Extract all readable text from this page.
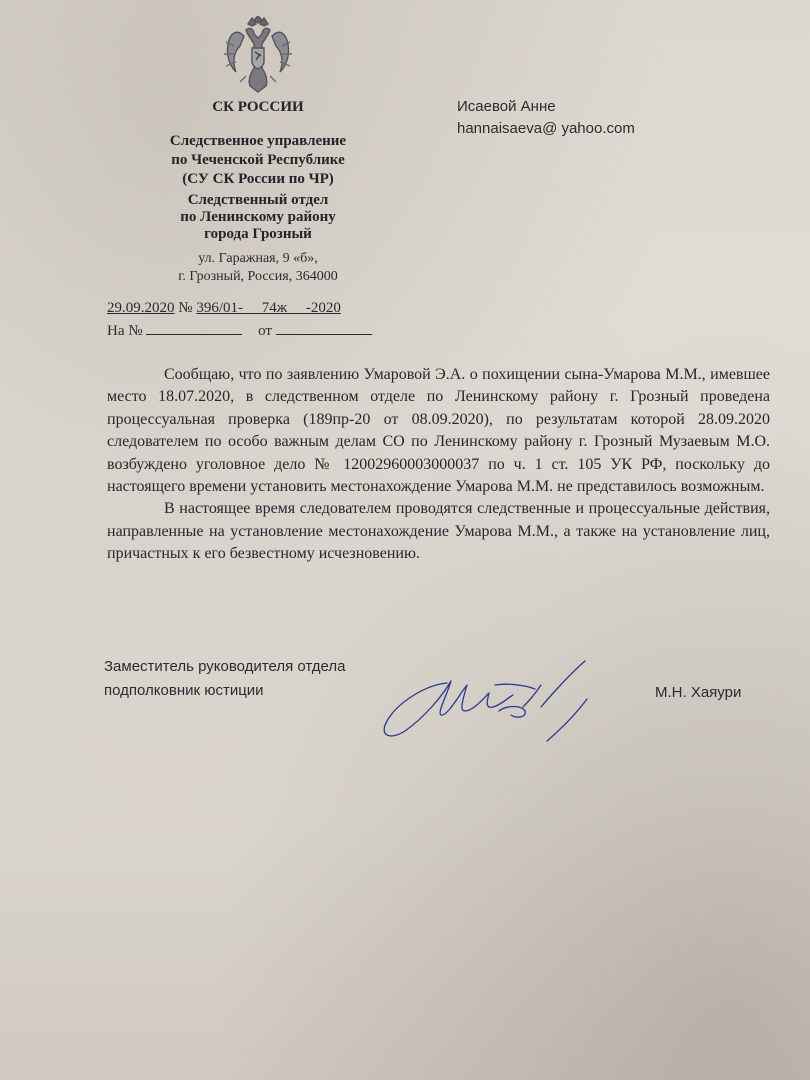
СК РОССИИ
Следственное управление
по Чеченской Республике
(СУ СК России по ЧР)
Следственный отдел
по Ленинскому району
города Грозный
ул. Гаражная, 9 «б»,
г. Грозный, Россия, 364000
Исаевой Анне
hannaisaeva@ yahoo.com
29.09.2020 № 396/01-     74ж     -2020
На №	от

Сообщаю, что по заявлению Умаровой Э.А. о похищении сына-Умарова М.М., имевшее место 18.07.2020, в следственном отделе по Ленинскому району г. Грозный проведена процессуальная проверка (189пр-20 от 08.09.2020), по результатам которой 28.09.2020 следователем по особо важным делам СО по Ленинскому району г. Грозный Музаевым М.О. возбуждено уголовное дело № 12002960003000037 по ч. 1 ст. 105 УК РФ, поскольку до настоящего времени установить местонахождение Умарова М.М. не представилось возможным.

В настоящее время следователем проводятся следственные и процессуальные действия, направленные на установление местонахождение Умарова М.М., а также на установление лиц, причастных к его безвестному исчезновению.

Заместитель руководителя отдела
подполковник юстиции	М.Н. Хаяури
